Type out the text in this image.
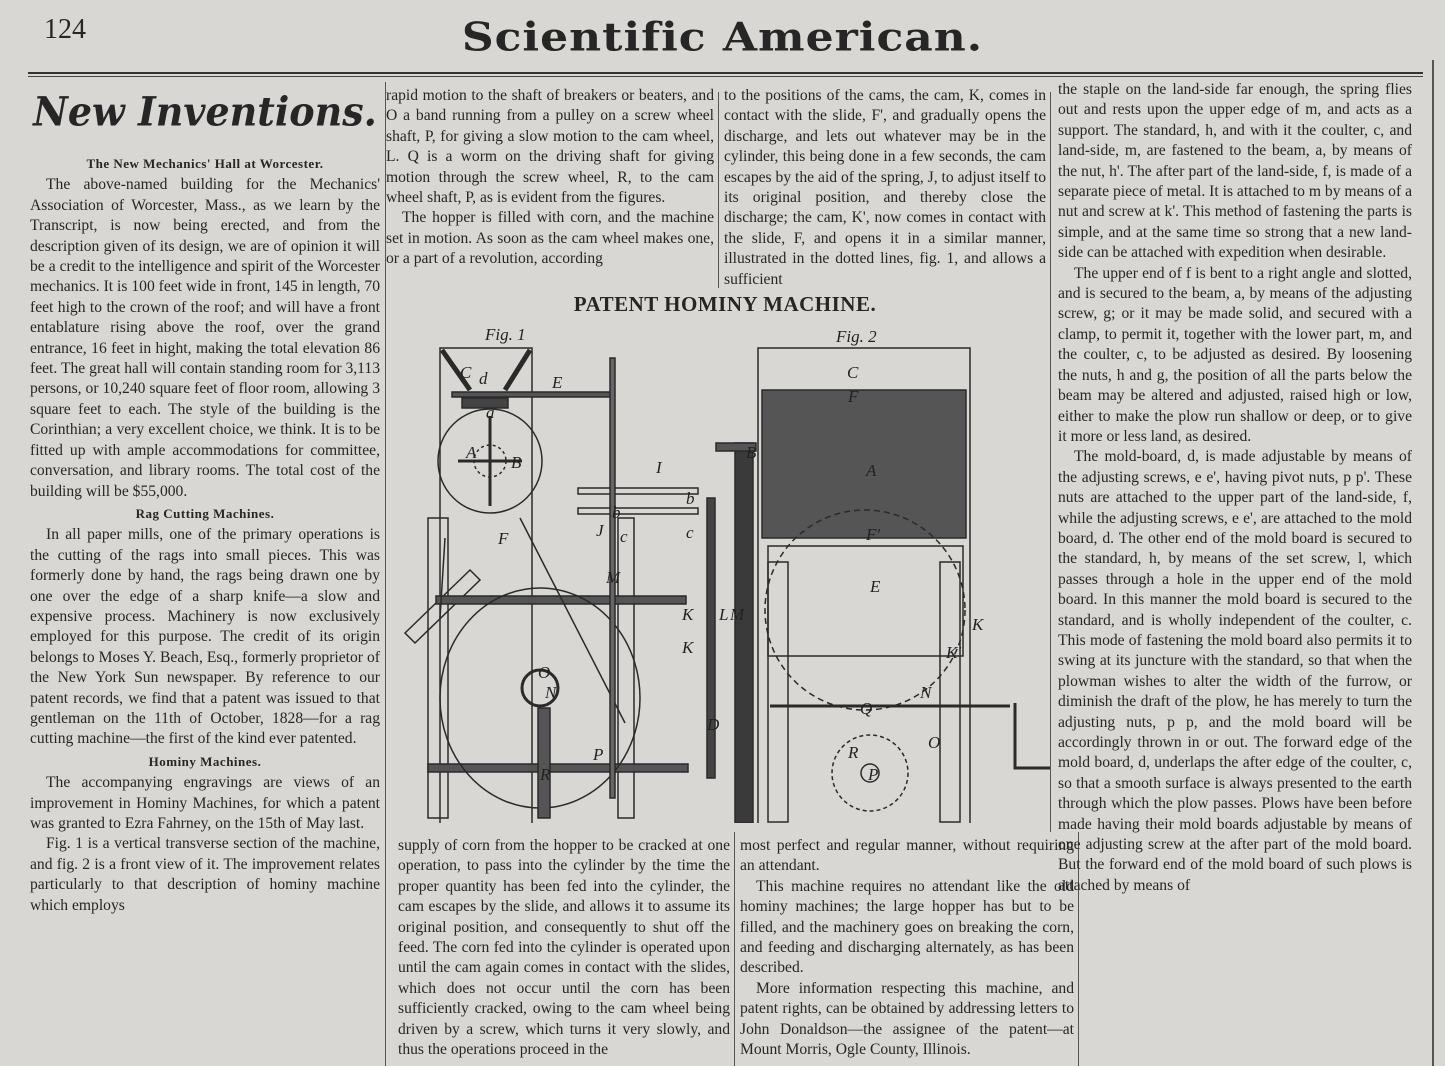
124	Scientific American.
New Inventions.
The New Mechanics' Hall at Worcester.

The above-named building for the Mechanics' Association of Worcester, Mass., as we learn by the Transcript, is now being erected, and from the description given of its design, we are of opinion it will be a credit to the intelligence and spirit of the Worcester mechanics. It is 100 feet wide in front, 145 in length, 70 feet high to the crown of the roof; and will have a front entablature rising above the roof, over the grand entrance, 16 feet in hight, making the total elevation 86 feet. The great hall will contain standing room for 3,113 persons, or 10,240 square feet of floor room, allowing 3 square feet to each. The style of the building is the Corinthian; a very excellent choice, we think. It is to be fitted up with ample accommodations for committee, conversation, and library rooms. The total cost of the building will be $55,000.

Rag Cutting Machines.

In all paper mills, one of the primary operations is the cutting of the rags into small pieces. This was formerly done by hand, the rags being drawn one by one over the edge of a sharp knife—a slow and expensive process. Machinery is now exclusively employed for this purpose. The credit of its origin belongs to Moses Y. Beach, Esq., formerly proprietor of the New York Sun newspaper. By reference to our patent records, we find that a patent was issued to that gentleman on the 11th of October, 1828—for a rag cutting machine—the first of the kind ever patented.

Hominy Machines.

The accompanying engravings are views of an improvement in Hominy Machines, for which a patent was granted to Ezra Fahrney, on the 15th of May last.

Fig. 1 is a vertical transverse section of the machine, and fig. 2 is a front view of it. The improvement relates particularly to that description of hominy machine which employs

rapid motion to the shaft of breakers or beaters, and O a band running from a pulley on a screw wheel shaft, P, for giving a slow motion to the cam wheel, L. Q is a worm on the driving shaft for giving motion through the screw wheel, R, to the cam wheel shaft, P, as is evident from the figures.

The hopper is filled with corn, and the machine set in motion. As soon as the cam wheel makes one, or a part of a revolution, according

to the positions of the cams, the cam, K, comes in contact with the slide, F', and gradually opens the discharge, and lets out whatever may be in the cylinder, this being done in a few seconds, the cam escapes by the aid of the spring, J, to adjust itself to its original position, and thereby close the discharge; the cam, K', now comes in contact with the slide, F, and opens it in a similar manner, illustrated in the dotted lines, fig. 1, and allows a sufficient

PATENT HOMINY MACHINE.
Fig. 1	Fig. 2
C d	E
a
A
B	I
b
b
J c	c
F
M
K
K
L M
O
N
D
P
R
C
F
A
B
F'
E
K
K'
N
Q
O
R
P

supply of corn from the hopper to be cracked at one operation, to pass into the cylinder by the time the proper quantity has been fed into the cylinder, the cam escapes by the slide, and allows it to assume its original position, and consequently to shut off the feed. The corn fed into the cylinder is operated upon until the cam again comes in contact with the slides, which does not occur until the corn has been sufficiently cracked, owing to the cam wheel being driven by a screw, which turns it very slowly, and thus the operations proceed in the

most perfect and regular manner, without requiring an attendant.

This machine requires no attendant like the old hominy machines; the large hopper has but to be filled, and the machinery goes on breaking the corn, and feeding and discharging alternately, as has been described.

More information respecting this machine, and patent rights, can be obtained by addressing letters to John Donaldson—the assignee of the patent—at Mount Morris, Ogle County, Illinois.

the staple on the land-side far enough, the spring flies out and rests upon the upper edge of m, and acts as a support. The standard, h, and with it the coulter, c, and land-side, m, are fastened to the beam, a, by means of the nut, h'. The after part of the land-side, f, is made of a separate piece of metal. It is attached to m by means of a nut and screw at k'. This method of fastening the parts is simple, and at the same time so strong that a new land-side can be attached with expedition when desirable.

The upper end of f is bent to a right angle and slotted, and is secured to the beam, a, by means of the adjusting screw, g; or it may be made solid, and secured with a clamp, to permit it, together with the lower part, m, and the coulter, c, to be adjusted as desired. By loosening the nuts, h and g, the position of all the parts below the beam may be altered and adjusted, raised high or low, either to make the plow run shallow or deep, or to give it more or less land, as desired.

The mold-board, d, is made adjustable by means of the adjusting screws, e e', having pivot nuts, p p'. These nuts are attached to the upper part of the land-side, f, while the adjusting screws, e e', are attached to the mold board, d. The other end of the mold board is secured to the standard, h, by means of the set screw, l, which passes through a hole in the upper end of the mold board. In this manner the mold board is secured to the standard, and is wholly independent of the coulter, c. This mode of fastening the mold board also permits it to swing at its juncture with the standard, so that when the plowman wishes to alter the width of the furrow, or diminish the draft of the plow, he has merely to turn the adjusting nuts, p p, and the mold board will be accordingly thrown in or out. The forward edge of the mold board, d, underlaps the after edge of the coulter, c, so that a smooth surface is always presented to the earth through which the plow passes. Plows have been before made having their mold boards adjustable by means of one adjusting screw at the after part of the mold board. But the forward end of the mold board of such plows is attached by means of
